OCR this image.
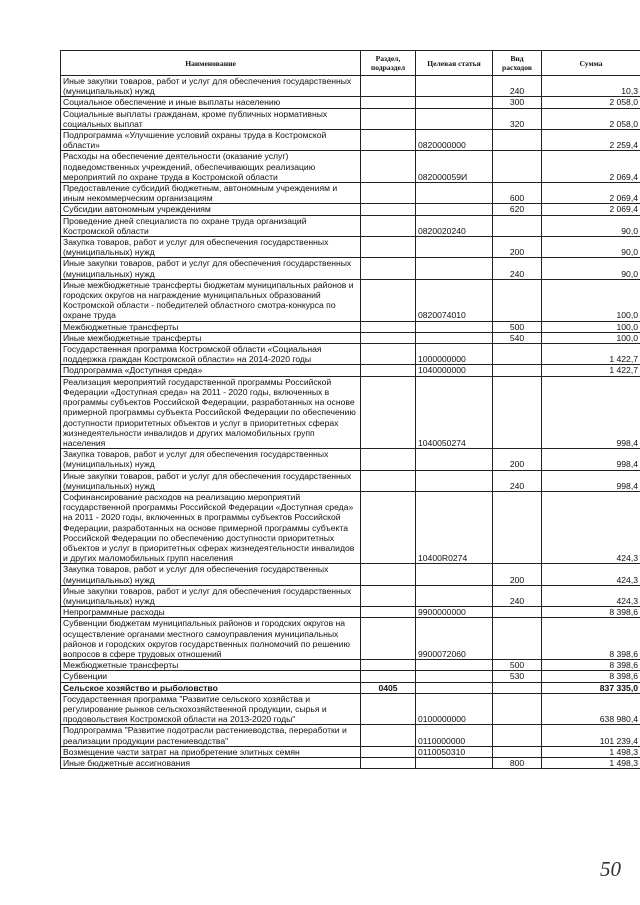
Наименование	Раздел, подраздел	Целевая статья	Вид расходов	Сумма
Иные закупки товаров, работ и услуг для обеспечения государственных (муниципальных) нужд			240	10,3
Социальное обеспечение и иные выплаты населению			300	2 058,0
Социальные выплаты гражданам, кроме публичных нормативных социальных выплат			320	2 058,0
Подпрограмма «Улучшение условий охраны труда в Костромской области»		0820000000		2 259,4
Расходы на обеспечение деятельности (оказание услуг) подведомственных учреждений, обеспечивающих реализацию мероприятий по охране труда в Костромской области		082000059И		2 069,4
Предоставление субсидий бюджетным, автономным учреждениям и иным некоммерческим организациям			600	2 069,4
Субсидии автономным учреждениям			620	2 069,4
Проведение дней специалиста по охране труда организаций Костромской области		0820020240		90,0
Закупка товаров, работ и услуг для обеспечения государственных (муниципальных) нужд			200	90,0
Иные закупки товаров, работ и услуг для обеспечения государственных (муниципальных) нужд			240	90,0
Иные межбюджетные трансферты бюджетам муниципальных районов и городских округов на награждение муниципальных образований Костромской области - победителей областного смотра-конкурса по охране труда		0820074010		100,0
Межбюджетные трансферты			500	100,0
Иные межбюджетные трансферты			540	100,0
Государственная программа Костромской области «Социальная поддержка граждан Костромской области» на 2014-2020 годы		1000000000		1 422,7
Подпрограмма «Доступная среда»		1040000000		1 422,7
Реализация мероприятий государственной программы Российской Федерации «Доступная среда» на 2011 - 2020 годы, включенных в программы субъектов Российской Федерации, разработанных на основе примерной программы субъекта Российской Федерации по обеспечению доступности приоритетных объектов и услуг в приоритетных сферах жизнедеятельности инвалидов и других маломобильных групп населения		1040050274		998,4
Закупка товаров, работ и услуг для обеспечения государственных (муниципальных) нужд			200	998,4
Иные закупки товаров, работ и услуг для обеспечения государственных (муниципальных) нужд			240	998,4
Софинансирование расходов на реализацию мероприятий государственной программы Российской Федерации «Доступная среда» на 2011 - 2020 годы, включенных в программы субъектов Российской Федерации, разработанных на основе примерной программы субъекта Российской Федерации по обеспечению доступности приоритетных объектов и услуг в приоритетных сферах жизнедеятельности инвалидов и других маломобильных групп населения		10400R0274		424,3
Закупка товаров, работ и услуг для обеспечения государственных (муниципальных) нужд			200	424,3
Иные закупки товаров, работ и услуг для обеспечения государственных (муниципальных) нужд			240	424,3
Непрограммные расходы		9900000000		8 398,6
Субвенции бюджетам муниципальных районов и городских округов на осуществление органами местного самоуправления муниципальных районов и городских округов государственных полномочий по решению вопросов в сфере трудовых отношений		9900072060		8 398,6
Межбюджетные трансферты			500	8 398,6
Субвенции			530	8 398,6
Сельское хозяйство и рыболовство	0405			837 335,0
Государственная программа "Развитие сельского хозяйства и регулирование рынков сельскохозяйственной продукции, сырья и продовольствия Костромской области на 2013-2020 годы"		0100000000		638 980,4
Подпрограмма "Развитие подотрасли растениеводства, переработки и реализации продукции растениеводства"		0110000000		101 239,4
Возмещение части затрат на приобретение элитных семян		0110050310		1 498,3
Иные бюджетные ассигнования			800	1 498,3
50
